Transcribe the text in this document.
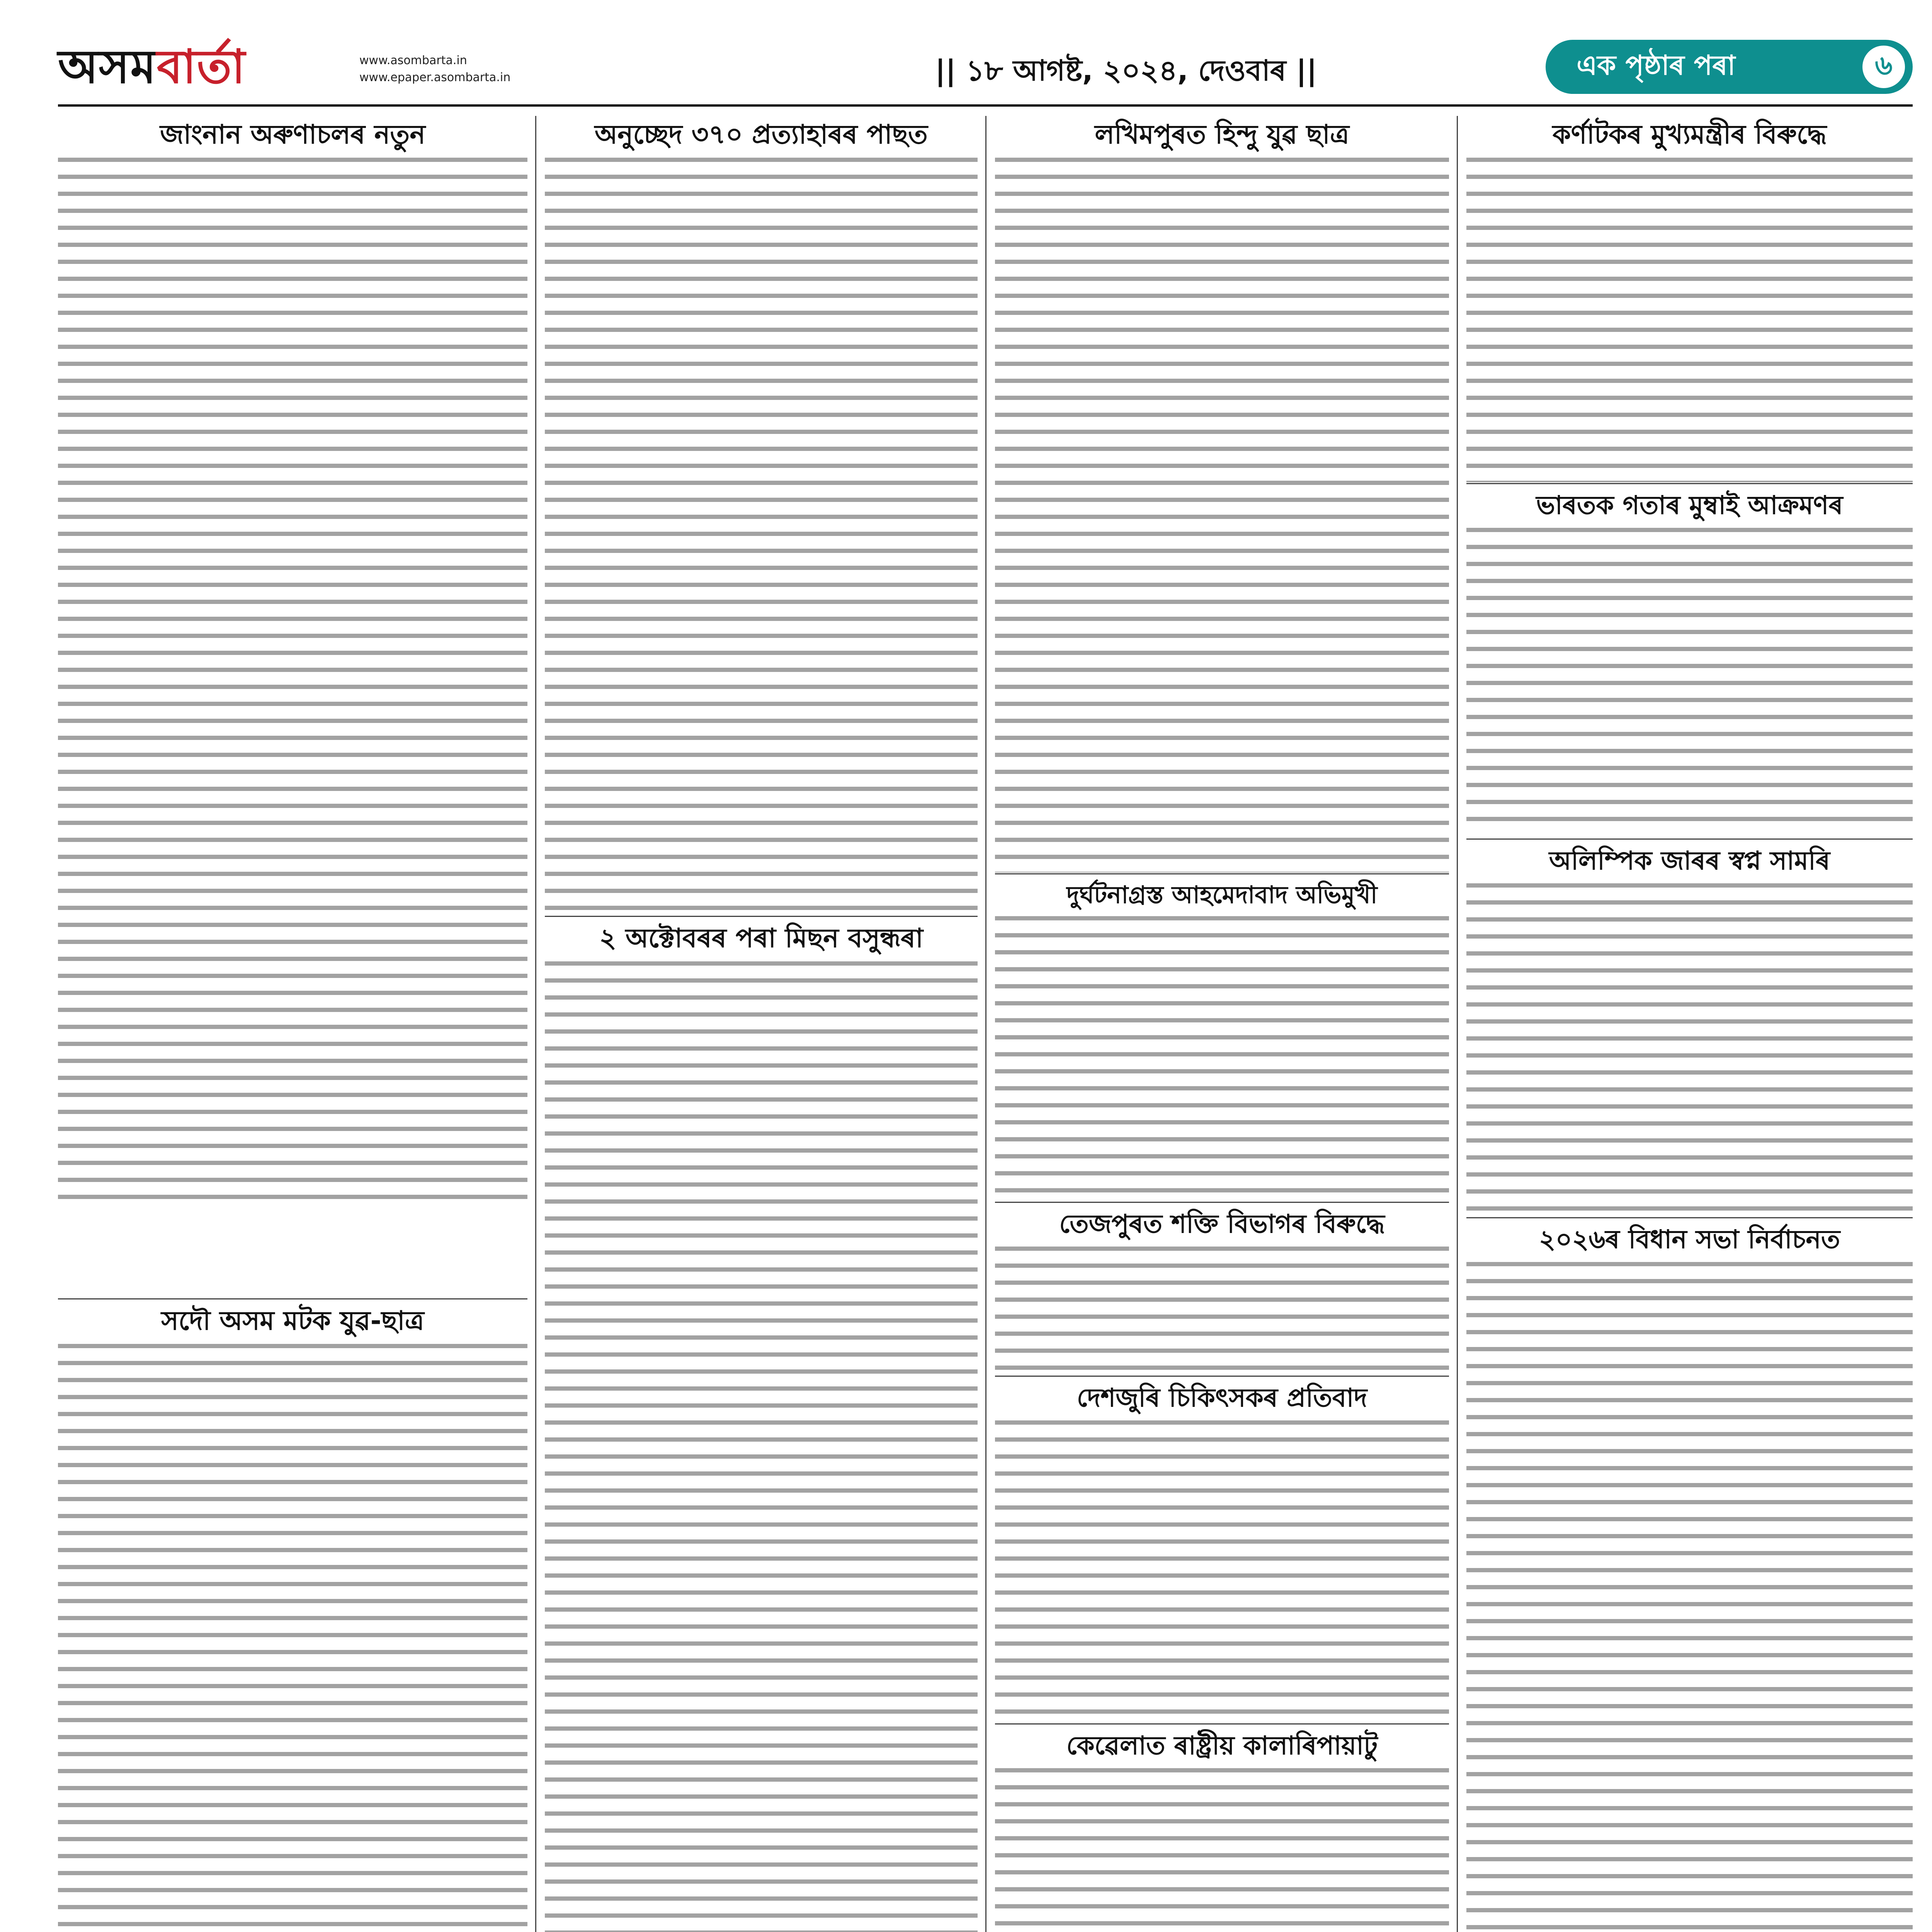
অসমবার্তা	www.asombarta.in
www.epaper.asombarta.in	|| ১৮ আগষ্ট, ২০২৪, দেওবাৰ ||	এক পৃষ্ঠাৰ পৰা	৬
জাংনান অৰুণাচলৰ নতুন
সদৌ অসম মটক যুৱ-ছাত্ৰ
অনুচ্ছেদ ৩৭০ প্ৰত্যাহাৰৰ পাছত
২ অক্টোবৰৰ পৰা মিছন বসুন্ধৰা
লখিমপুৰত হিন্দু যুৱ ছাত্ৰ
দুৰ্ঘটনাগ্ৰস্ত আহমেদাবাদ অভিমুখী
তেজপুৰত শক্তি বিভাগৰ বিৰুদ্ধে
দেশজুৰি চিকিৎসকৰ প্ৰতিবাদ
কেৱেলাত ৰাষ্ট্ৰীয় কালাৰিপায়াটু
কৰ্ণাটকৰ মুখ্যমন্ত্ৰীৰ বিৰুদ্ধে
ভাৰতক গতাৰ মুম্বাই আক্ৰমণৰ
অলিম্পিক জাৰৰ স্বপ্ন সামৰি
২০২৬ৰ বিধান সভা নিৰ্বাচনত
